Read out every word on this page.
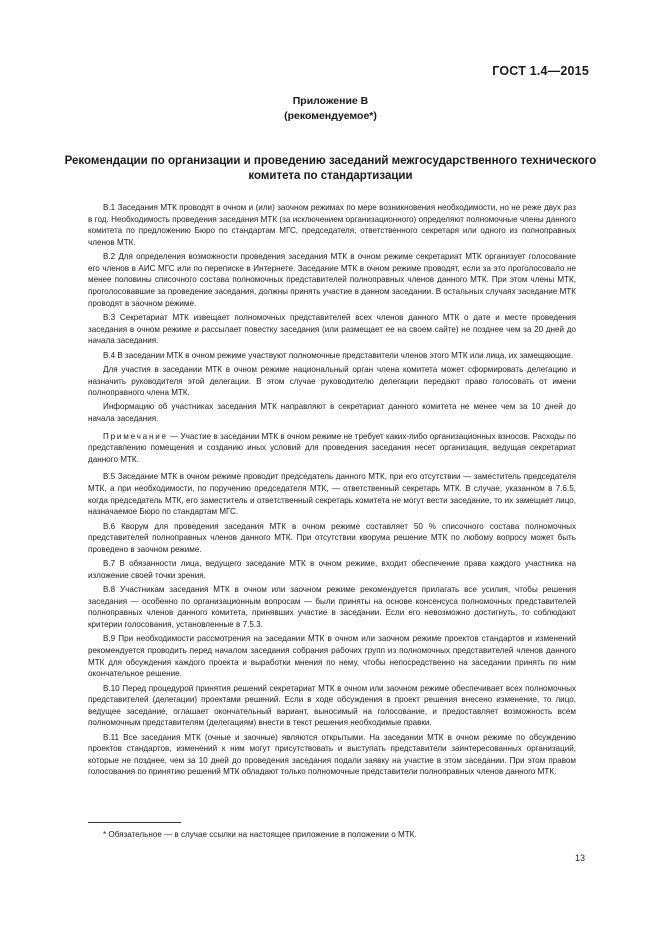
ГОСТ 1.4—2015
Приложение В
(рекомендуемое*)
Рекомендации по организации и проведению заседаний межгосударственного технического комитета по стандартизации

В.1 Заседания МТК проводят в очном и (или) заочном режимах по мере возникновения необходимости, но не реже двух раз в год. Необходимость проведения заседания МТК (за исключением организационного) определяют полномочные члены данного комитета по предложению Бюро по стандартам МГС, председателя, ответственного секретаря или одного из полноправных членов МТК.

В.2 Для определения возможности проведения заседания МТК в очном режиме секретариат МТК организует голосование его членов в АИС МГС или по переписке в Интернете. Заседание МТК в очном режиме проводят, если за это проголосовало не менее половины списочного состава полномочных представителей полноправных членов данного МТК. При этом члены МТК, проголосовавшие за проведение заседания, должны принять участие в данном заседании. В остальных случаях заседание МТК проводят в заочном режиме.

В.3 Секретариат МТК извещает полномочных представителей всех членов данного МТК о дате и месте проведения заседания в очном режиме и рассылает повестку заседания (или размещает ее на своем сайте) не позднее чем за 20 дней до начала заседания.

В.4 В заседании МТК в очном режиме участвуют полномочные представители членов этого МТК или лица, их замещающие.

Для участия в заседании МТК в очном режиме национальный орган члена комитета может сформировать делегацию и назначить руководителя этой делегации. В этом случае руководителю делегации передают право голосовать от имени полноправного члена МТК.

Информацию об участниках заседания МТК направляют в секретариат данного комитета не менее чем за 10 дней до начала заседания.

Примечание — Участие в заседании МТК в очном режиме не требует каких-либо организационных взносов. Расходы по представлению помещения и созданию иных условий для проведения заседания несет организация, ведущая секретариат данного МТК.

В.5 Заседание МТК в очном режиме проводит председатель данного МТК, при его отсутствии — заместитель председателя МТК, а при необходимости, по поручению председателя МТК, — ответственный секретарь МТК. В случае, указанном в 7.6.5, когда председатель МТК, его заместитель и ответственный секретарь комитета не могут вести заседание, то их замещает лицо, назначаемое Бюро по стандартам МГС.

В.6 Кворум для проведения заседания МТК в очном режиме составляет 50 % списочного состава полномочных представителей полноправных членов данного МТК. При отсутствии кворума решение МТК по любому вопросу может быть проведено в заочном режиме.

В.7 В обязанности лица, ведущего заседание МТК в очном режиме, входит обеспечение права каждого участника на изложение своей точки зрения.

В.8 Участникам заседания МТК в очном или заочном режиме рекомендуется прилагать все усилия, чтобы решения заседания — особенно по организационным вопросам — были приняты на основе консенсуса полномочных представителей полноправных членов данного комитета, принявших участие в заседании. Если его невозможно достигнуть, то соблюдают критерии голосования, установленные в 7.5.3.

В.9 При необходимости рассмотрения на заседании МТК в очном или заочном режиме проектов стандартов и изменений рекомендуется проводить перед началом заседания собрания рабочих групп из полномочных представителей членов данного МТК для обсуждения каждого проекта и выработки мнения по нему, чтобы непосредственно на заседании принять по ним окончательное решение.

В.10 Перед процедурой принятия решений секретариат МТК в очном или заочном режиме обеспечивает всех полномочных представителей (делегации) проектами решений. Если в ходе обсуждения в проект решения внесено изменение, то лицо, ведущее заседание, оглашает окончательный вариант, выносимый на голосование, и предоставляет возможность всем полномочным представителям (делегациям) внести в текст решения необходимые правки.

В.11 Все заседания МТК (очные и заочные) являются открытыми. На заседании МТК в очном режиме по обсуждению проектов стандартов, изменений к ним могут присутствовать и выступать представители заинтересованных организаций, которые не позднее, чем за 10 дней до проведения заседания подали заявку на участие в этом заседании. При этом правом голосования по принятию решений МТК обладают только полномочные представители полноправных членов данного МТК.

* Обязательное — в случае ссылки на настоящее приложение в положении о МТК.
13
